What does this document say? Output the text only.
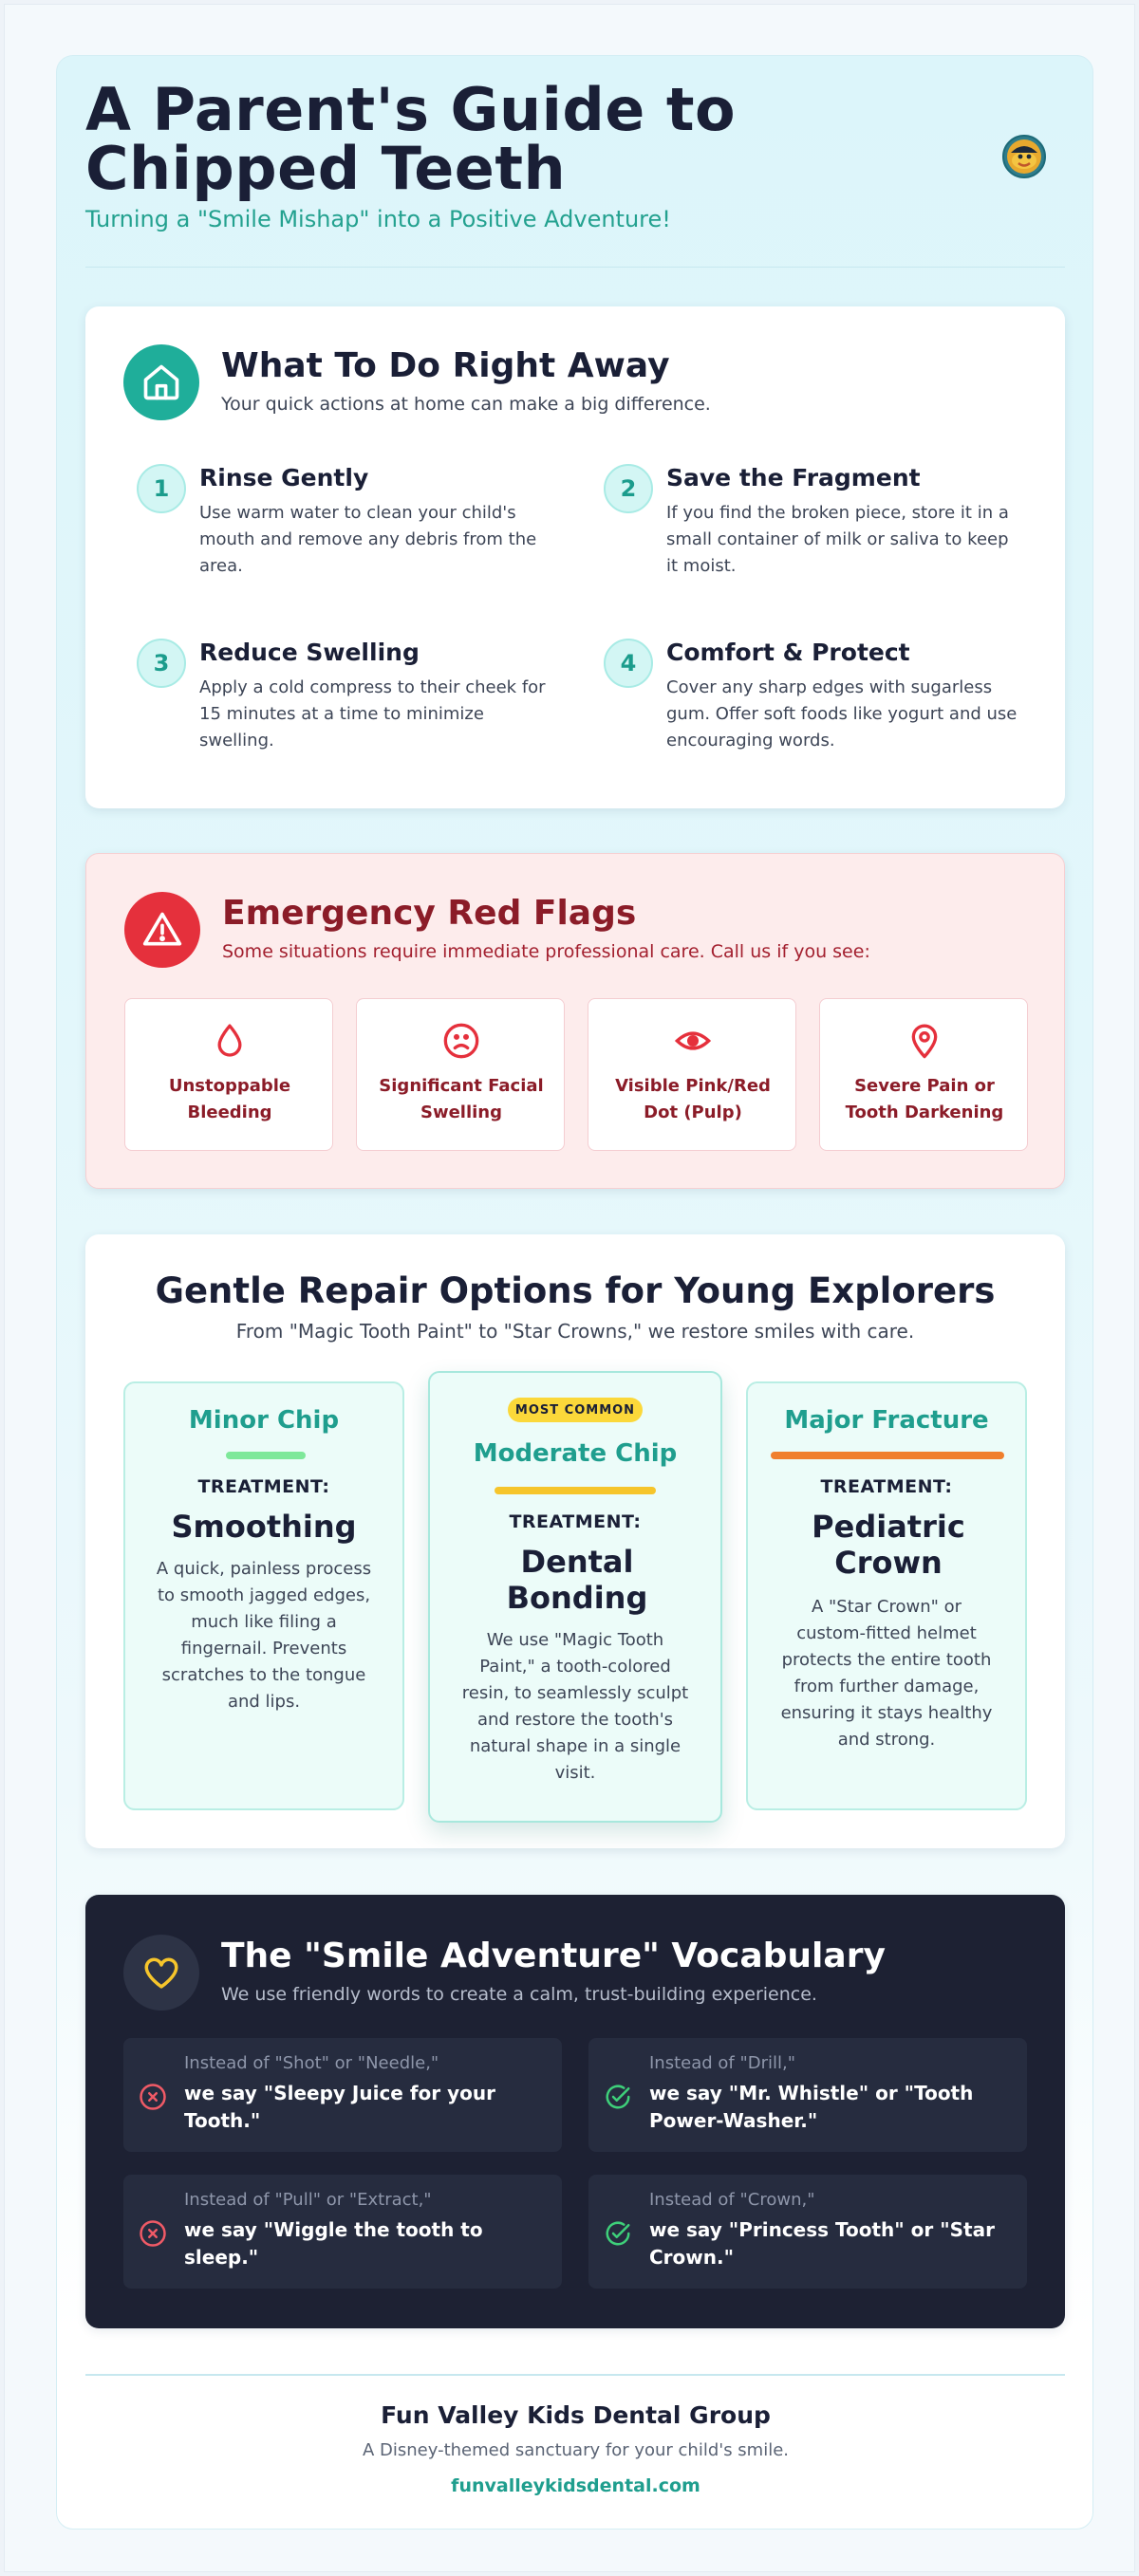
A Parent's Guide to Chipped Teeth
Turning a "Smile Mishap" into a Positive Adventure!
What To Do Right Away
Your quick actions at home can make a big difference.
1	Rinse Gently
Use warm water to clean your child's mouth and remove any debris from the area.
2	Save the Fragment
If you find the broken piece, store it in a small container of milk or saliva to keep it moist.
3	Reduce Swelling
Apply a cold compress to their cheek for 15 minutes at a time to minimize swelling.
4	Comfort & Protect
Cover any sharp edges with sugarless gum. Offer soft foods like yogurt and use encouraging words.
Emergency Red Flags
Some situations require immediate professional care. Call us if you see:
Unstoppable Bleeding
Significant Facial Swelling
Visible Pink/Red Dot (Pulp)
Severe Pain or Tooth Darkening
Gentle Repair Options for Young Explorers
From "Magic Tooth Paint" to "Star Crowns," we restore smiles with care.
Minor Chip
TREATMENT:
Smoothing
A quick, painless process to smooth jagged edges, much like filing a fingernail. Prevents scratches to the tongue and lips.
MOST COMMON
Moderate Chip
TREATMENT:
Dental Bonding
We use "Magic Tooth Paint," a tooth-colored resin, to seamlessly sculpt and restore the tooth's natural shape in a single visit.
Major Fracture
TREATMENT:
Pediatric Crown
A "Star Crown" or custom-fitted helmet protects the entire tooth from further damage, ensuring it stays healthy and strong.
The "Smile Adventure" Vocabulary
We use friendly words to create a calm, trust-building experience.
Instead of "Shot" or "Needle,"
we say "Sleepy Juice for your Tooth."
Instead of "Drill,"
we say "Mr. Whistle" or "Tooth Power-Washer."
Instead of "Pull" or "Extract,"
we say "Wiggle the tooth to sleep."
Instead of "Crown,"
we say "Princess Tooth" or "Star Crown."
Fun Valley Kids Dental Group
A Disney-themed sanctuary for your child's smile.
funvalleykidsdental.com
